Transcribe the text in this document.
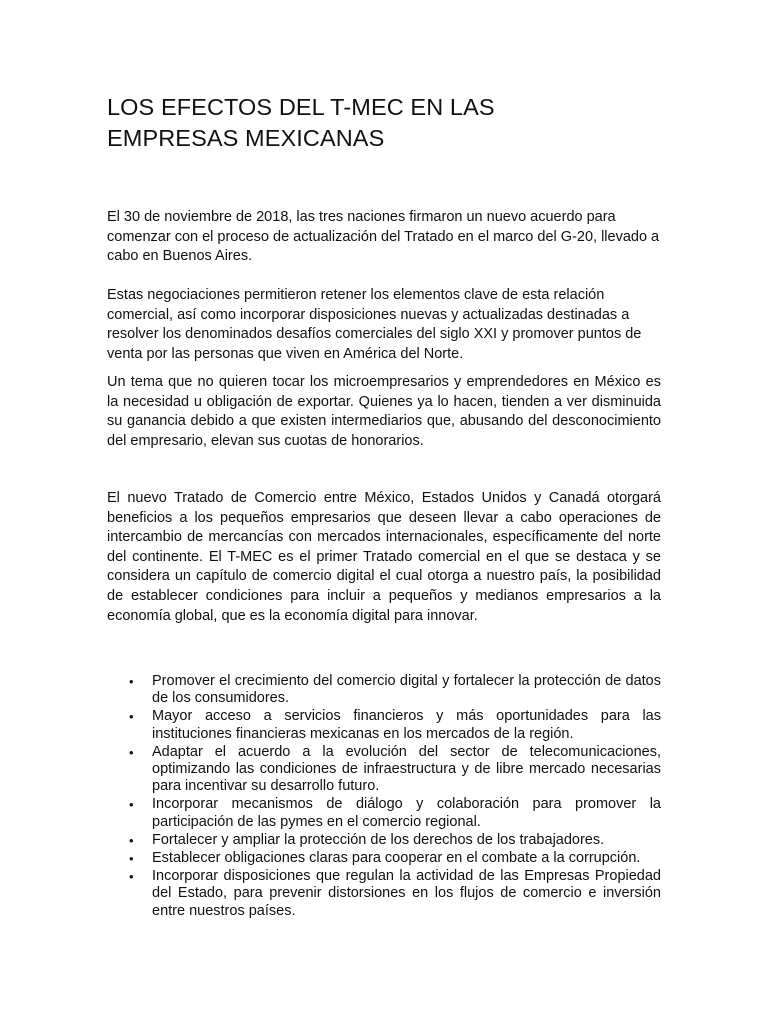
LOS EFECTOS DEL T-MEC EN LAS
EMPRESAS MEXICANAS

El 30 de noviembre de 2018, las tres naciones firmaron un nuevo acuerdo para comenzar con el proceso de actualización del Tratado en el marco del G-20, llevado a cabo en Buenos Aires.

Estas negociaciones permitieron retener los elementos clave de esta relación comercial, así como incorporar disposiciones nuevas y actualizadas destinadas a resolver los denominados desafíos comerciales del siglo XXI y promover puntos de venta por las personas que viven en América del Norte.

Un tema que no quieren tocar los microempresarios y emprendedores en México es la necesidad u obligación de exportar. Quienes ya lo hacen, tienden a ver disminuida su ganancia debido a que existen intermediarios que, abusando del desconocimiento del empresario, elevan sus cuotas de honorarios.

El nuevo Tratado de Comercio entre México, Estados Unidos y Canadá otorgará beneficios a los pequeños empresarios que deseen llevar a cabo operaciones de intercambio de mercancías con mercados internacionales, específicamente del norte del continente. El T-MEC es el primer Tratado comercial en el que se destaca y se considera un capítulo de comercio digital el cual otorga a nuestro país, la posibilidad de establecer condiciones para incluir a pequeños y medianos empresarios a la economía global, que es la economía digital para innovar.

• Promover el crecimiento del comercio digital y fortalecer la protección de datos de los consumidores.
• Mayor acceso a servicios financieros y más oportunidades para las instituciones financieras mexicanas en los mercados de la región.
• Adaptar el acuerdo a la evolución del sector de telecomunicaciones, optimizando las condiciones de infraestructura y de libre mercado necesarias para incentivar su desarrollo futuro.
• Incorporar mecanismos de diálogo y colaboración para promover la participación de las pymes en el comercio regional.
• Fortalecer y ampliar la protección de los derechos de los trabajadores.
• Establecer obligaciones claras para cooperar en el combate a la corrupción.
• Incorporar disposiciones que regulan la actividad de las Empresas Propiedad del Estado, para prevenir distorsiones en los flujos de comercio e inversión entre nuestros países.
